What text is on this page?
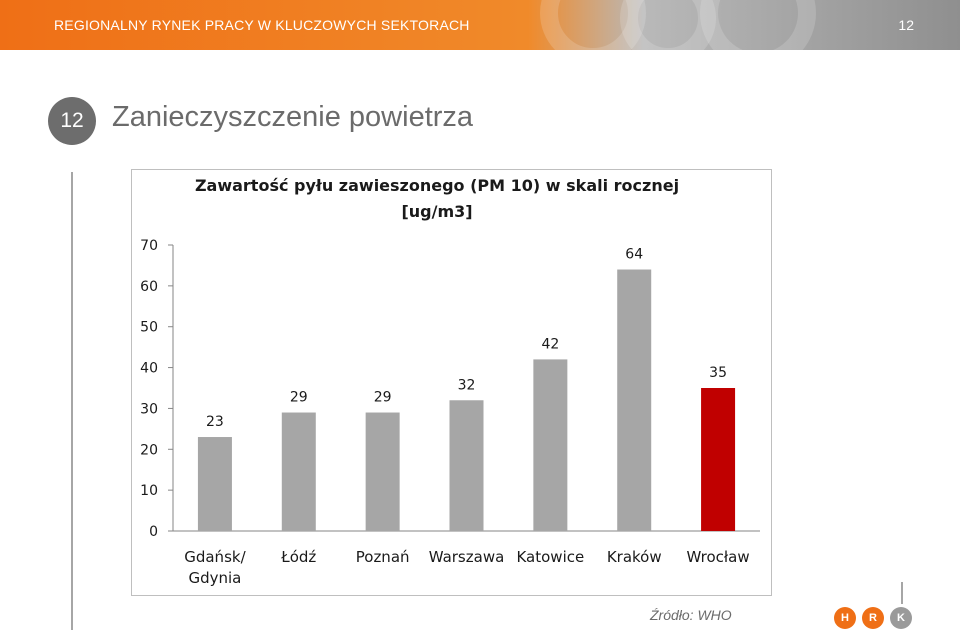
REGIONALNY RYNEK PRACY W KLUCZOWYCH SEKTORACH	12
12 Zanieczyszczenie powietrza
Zawartość pyłu zawieszonego (PM 10) w skali rocznej
[ug/m3]
0
10
20
30
40
50
60
70
23
Gdańsk/ Gdynia
29
Łódź
29
Poznań
32
Warszawa
42
Katowice
64
Kraków
35
Wrocław
Źródło: WHO	H	R	K
